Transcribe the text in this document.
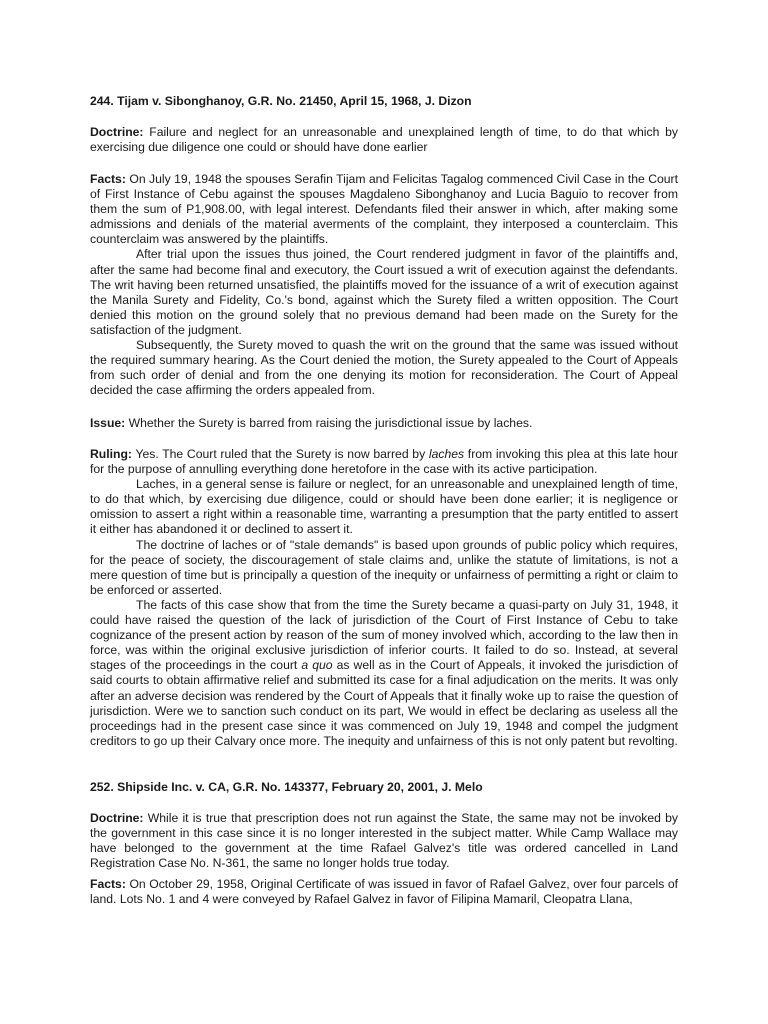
244. Tijam v. Sibonghanoy, G.R. No. 21450, April 15, 1968, J. Dizon

Doctrine: Failure and neglect for an unreasonable and unexplained length of time, to do that which by exercising due diligence one could or should have done earlier

Facts: On July 19, 1948 the spouses Serafin Tijam and Felicitas Tagalog commenced Civil Case in the Court of First Instance of Cebu against the spouses Magdaleno Sibonghanoy and Lucia Baguio to recover from them the sum of P1,908.00, with legal interest. Defendants filed their answer in which, after making some admissions and denials of the material averments of the complaint, they interposed a counterclaim. This counterclaim was answered by the plaintiffs.
After trial upon the issues thus joined, the Court rendered judgment in favor of the plaintiffs and, after the same had become final and executory, the Court issued a writ of execution against the defendants. The writ having been returned unsatisfied, the plaintiffs moved for the issuance of a writ of execution against the Manila Surety and Fidelity, Co.'s bond, against which the Surety filed a written opposition. The Court denied this motion on the ground solely that no previous demand had been made on the Surety for the satisfaction of the judgment.
Subsequently, the Surety moved to quash the writ on the ground that the same was issued without the required summary hearing. As the Court denied the motion, the Surety appealed to the Court of Appeals from such order of denial and from the one denying its motion for reconsideration. The Court of Appeal decided the case affirming the orders appealed from.

Issue: Whether the Surety is barred from raising the jurisdictional issue by laches.

Ruling: Yes. The Court ruled that the Surety is now barred by laches from invoking this plea at this late hour for the purpose of annulling everything done heretofore in the case with its active participation.
Laches, in a general sense is failure or neglect, for an unreasonable and unexplained length of time, to do that which, by exercising due diligence, could or should have been done earlier; it is negligence or omission to assert a right within a reasonable time, warranting a presumption that the party entitled to assert it either has abandoned it or declined to assert it.
The doctrine of laches or of "stale demands" is based upon grounds of public policy which requires, for the peace of society, the discouragement of stale claims and, unlike the statute of limitations, is not a mere question of time but is principally a question of the inequity or unfairness of permitting a right or claim to be enforced or asserted.
The facts of this case show that from the time the Surety became a quasi-party on July 31, 1948, it could have raised the question of the lack of jurisdiction of the Court of First Instance of Cebu to take cognizance of the present action by reason of the sum of money involved which, according to the law then in force, was within the original exclusive jurisdiction of inferior courts. It failed to do so. Instead, at several stages of the proceedings in the court a quo as well as in the Court of Appeals, it invoked the jurisdiction of said courts to obtain affirmative relief and submitted its case for a final adjudication on the merits. It was only after an adverse decision was rendered by the Court of Appeals that it finally woke up to raise the question of jurisdiction. Were we to sanction such conduct on its part, We would in effect be declaring as useless all the proceedings had in the present case since it was commenced on July 19, 1948 and compel the judgment creditors to go up their Calvary once more. The inequity and unfairness of this is not only patent but revolting.

252. Shipside Inc. v. CA, G.R. No. 143377, February 20, 2001, J. Melo

Doctrine: While it is true that prescription does not run against the State, the same may not be invoked by the government in this case since it is no longer interested in the subject matter. While Camp Wallace may have belonged to the government at the time Rafael Galvez's title was ordered cancelled in Land Registration Case No. N-361, the same no longer holds true today.

Facts: On October 29, 1958, Original Certificate of was issued in favor of Rafael Galvez, over four parcels of land. Lots No. 1 and 4 were conveyed by Rafael Galvez in favor of Filipina Mamaril, Cleopatra Llana,
